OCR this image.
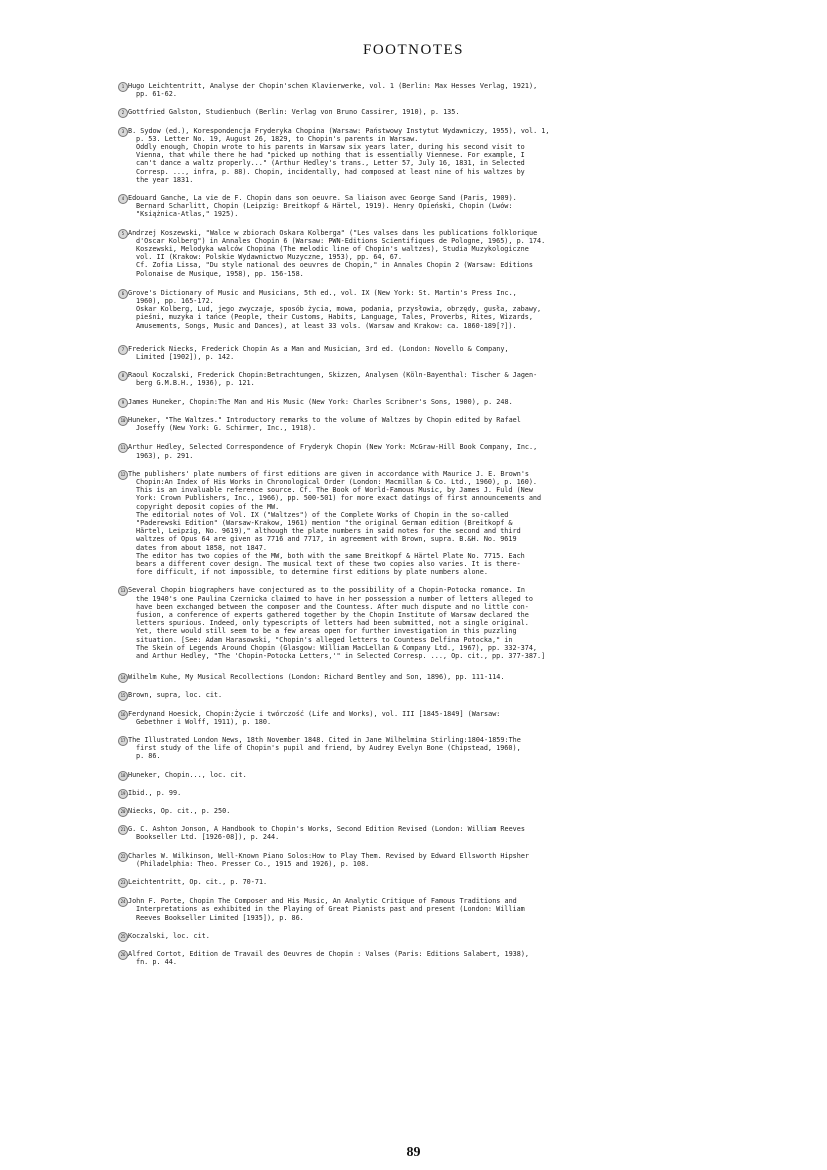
FOOTNOTES
1 Hugo Leichtentritt, Analyse der Chopin'schen Klavierwerke, vol. 1 (Berlin: Max Hesses Verlag, 1921),

pp. 61-62.

2 Gottfried Galston, Studienbuch (Berlin: Verlag von Bruno Cassirer, 1910), p. 135.

3 B. Sydow (ed.), Korespondencja Fryderyka Chopina (Warsaw: Państwowy Instytut Wydawniczy, 1955), vol. 1,

p. 53. Letter No. 19, August 26, 1829, to Chopin's parents in Warsaw.

Oddly enough, Chopin wrote to his parents in Warsaw six years later, during his second visit to

Vienna, that while there he had "picked up nothing that is essentially Viennese. For example, I

can't dance a waltz properly..." (Arthur Hedley's trans., Letter 57, July 16, 1831, in Selected

Corresp. ..., infra, p. 88). Chopin, incidentally, had composed at least nine of his waltzes by

the year 1831.

4 Edouard Ganche, La vie de F. Chopin dans son oeuvre. Sa liaison avec George Sand (Paris, 1909).

Bernard Scharlitt, Chopin (Leipzig: Breitkopf & Härtel, 1919). Henry Opieński, Chopin (Lwów:

"Książnica-Atlas," 1925).

5 Andrzej Koszewski, "Walce w zbiorach Oskara Kolberga" ("Les valses dans les publications folklorique

d'Oscar Kolberg") in Annales Chopin 6 (Warsaw: PWN-Editions Scientifiques de Pologne, 1965), p. 174.

Koszewski, Melodyka walców Chopina (The melodic line of Chopin's waltzes), Studia Muzykologiczne

vol. II (Krakow: Polskie Wydawnictwo Muzyczne, 1953), pp. 64, 67.

Cf. Zofia Lissa, "Du style national des oeuvres de Chopin," in Annales Chopin 2 (Warsaw: Editions

Polonaise de Musique, 1958), pp. 156-158.

6 Grove's Dictionary of Music and Musicians, 5th ed., vol. IX (New York: St. Martin's Press Inc.,

1960), pp. 165-172.

Oskar Kolberg, Lud, jego zwyczaje, sposób życia, mowa, podania, przysłowia, obrzędy, gusła, zabawy,

pieśni, muzyka i tańce (People, their Customs, Habits, Language, Tales, Proverbs, Rites, Wizards,

Amusements, Songs, Music and Dances), at least 33 vols. (Warsaw and Krakow: ca. 1860-189[?]).

7 Frederick Niecks, Frederick Chopin As a Man and Musician, 3rd ed. (London: Novello & Company,

Limited [1902]), p. 142.

8 Raoul Koczalski, Frederick Chopin:Betrachtungen, Skizzen, Analysen (Köln-Bayenthal: Tischer & Jagen-

berg G.M.B.H., 1936), p. 121.

9 James Huneker, Chopin:The Man and His Music (New York: Charles Scribner's Sons, 1900), p. 248.

10 Huneker, "The Waltzes." Introductory remarks to the volume of Waltzes by Chopin edited by Rafael

Joseffy (New York: G. Schirmer, Inc., 1918).

11 Arthur Hedley, Selected Correspondence of Fryderyk Chopin (New York: McGraw-Hill Book Company, Inc.,

1963), p. 291.

12 The publishers' plate numbers of first editions are given in accordance with Maurice J. E. Brown's

Chopin:An Index of His Works in Chronological Order (London: Macmillan & Co. Ltd., 1960), p. 160).

This is an invaluable reference source. Cf. The Book of World-Famous Music, by James J. Fuld (New

York: Crown Publishers, Inc., 1966), pp. 500-501) for more exact datings of first announcements and

copyright deposit copies of the MW.

The editorial notes of Vol. IX ("Waltzes") of the Complete Works of Chopin in the so-called

"Paderewski Edition" (Warsaw-Krakow, 1961) mention "the original German edition (Breitkopf &

Härtel, Leipzig, No. 9619)," although the plate numbers in said notes for the second and third

waltzes of Opus 64 are given as 7716 and 7717, in agreement with Brown, supra. B.&H. No. 9619

dates from about 1858, not 1847.

The editor has two copies of the MW, both with the same Breitkopf & Härtel Plate No. 7715. Each

bears a different cover design. The musical text of these two copies also varies. It is there-

fore difficult, if not impossible, to determine first editions by plate numbers alone.

13 Several Chopin biographers have conjectured as to the possibility of a Chopin-Potocka romance. In

the 1940's one Paulina Czernicka claimed to have in her possession a number of letters alleged to

have been exchanged between the composer and the Countess. After much dispute and no little con-

fusion, a conference of experts gathered together by the Chopin Institute of Warsaw declared the

letters spurious. Indeed, only typescripts of letters had been submitted, not a single original.

Yet, there would still seem to be a few areas open for further investigation in this puzzling

situation. [See: Adam Harasowski, "Chopin's alleged letters to Countess Delfina Potocka," in

The Skein of Legends Around Chopin (Glasgow: William MacLellan & Company Ltd., 1967), pp. 332-374,

and Arthur Hedley, "The 'Chopin-Potocka Letters,'" in Selected Corresp. ..., Op. cit., pp. 377-387.]

14 Wilhelm Kuhe, My Musical Recollections (London: Richard Bentley and Son, 1896), pp. 111-114.

15 Brown, supra, loc. cit.

16 Ferdynand Hoesick, Chopin:Życie i twórczość (Life and Works), vol. III [1845-1849] (Warsaw:

Gebethner i Wolff, 1911), p. 180.

17 The Illustrated London News, 18th November 1848. Cited in Jane Wilhelmina Stirling:1804-1859:The

first study of the life of Chopin's pupil and friend, by Audrey Evelyn Bone (Chipstead, 1960),

p. 86.

18 Huneker, Chopin..., loc. cit.

19 Ibid., p. 99.

20 Niecks, Op. cit., p. 250.

21 G. C. Ashton Jonson, A Handbook to Chopin's Works, Second Edition Revised (London: William Reeves

Bookseller Ltd. [1926-08]), p. 244.

22 Charles W. Wilkinson, Well-Known Piano Solos:How to Play Them. Revised by Edward Ellsworth Hipsher

(Philadelphia: Theo. Presser Co., 1915 and 1926), p. 108.

23 Leichtentritt, Op. cit., p. 70-71.

24 John F. Porte, Chopin The Composer and His Music, An Analytic Critique of Famous Traditions and

Interpretations as exhibited in the Playing of Great Pianists past and present (London: William

Reeves Bookseller Limited [1935]), p. 86.

25 Koczalski, loc. cit.

26 Alfred Cortot, Edition de Travail des Oeuvres de Chopin : Valses (Paris: Editions Salabert, 1938),

fn. p. 44.

89
